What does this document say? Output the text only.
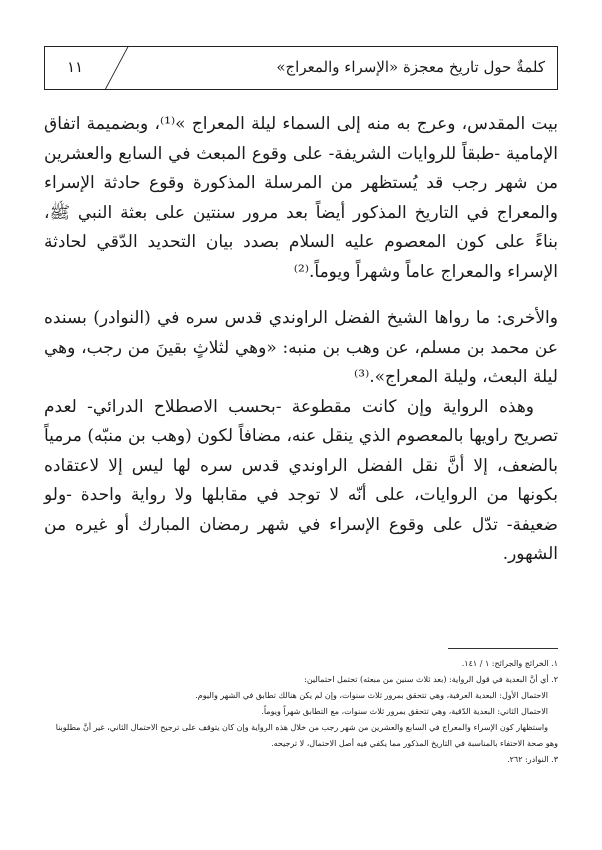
كلمةٌ حول تاريخ معجزة «الإسراء والمعراج»
١١

بيت المقدس، وعرج به منه إلى السماء ليلة المعراج »⁽¹⁾، وبضميمة اتفاق الإمامية -طبقاً للروايات الشريفة- على وقوع المبعث في السابع والعشرين من شهر رجب قد يُستظهر من المرسلة المذكورة وقوع حادثة الإسراء والمعراج في التاريخ المذكور أيضاً بعد مرور سنتين على بعثة النبي ﷺ، بناءً على كون المعصوم عليه السلام بصدد بيان التحديد الدّقي لحادثة الإسراء والمعراج عاماً وشهراً ويوماً.⁽²⁾

والأخرى: ما رواها الشيخ الفضل الراوندي قدس سره في (النوادر) بسنده عن محمد بن مسلم، عن وهب بن منبه: «وهي لثلاثٍ بقينَ من رجب، وهي ليلة البعث، وليلة المعراج».⁽³⁾

وهذه الرواية وإن كانت مقطوعة -بحسب الاصطلاح الدرائي- لعدم تصريح راويها بالمعصوم الذي ينقل عنه، مضافاً لكون (وهب بن منبّه) مرمياً بالضعف، إلا أنَّ نقل الفضل الراوندي قدس سره لها ليس إلا لاعتقاده بكونها من الروايات، على أنّه لا توجد في مقابلها ولا رواية واحدة -ولو ضعيفة- تدّل على وقوع الإسراء في شهر رمضان المبارك أو غيره من الشهور.

١. الخرائج والجرائح: ١ / ١٤١.

٢. أي أنَّ البعدية في قول الرواية: (بعد ثلاث سنين من مبعثه) تحتمل احتمالين:

الاحتمال الأول: البعدية العرفية، وهي تتحقق بمرور ثلاث سنوات، وإن لم يكن هنالك تطابق في الشهر واليوم.

الاحتمال الثاني: البعدية الدّقية، وهي تتحقق بمرور ثلاث سنوات، مع التطابق شهراً ويوماً.

واستظهار كون الإسراء والمعراج في السابع والعشرين من شهر رجب من خلال هذه الرواية وإن كان يتوقف على ترجيح الاحتمال الثاني، غير أنَّ مطلوبنا

وهو صحة الاحتفاء بالمناسبة في التاريخ المذكور مما يكفي فيه أصل الاحتمال، لا ترجيحه.

٣. النوادر: ٢٦٢.
